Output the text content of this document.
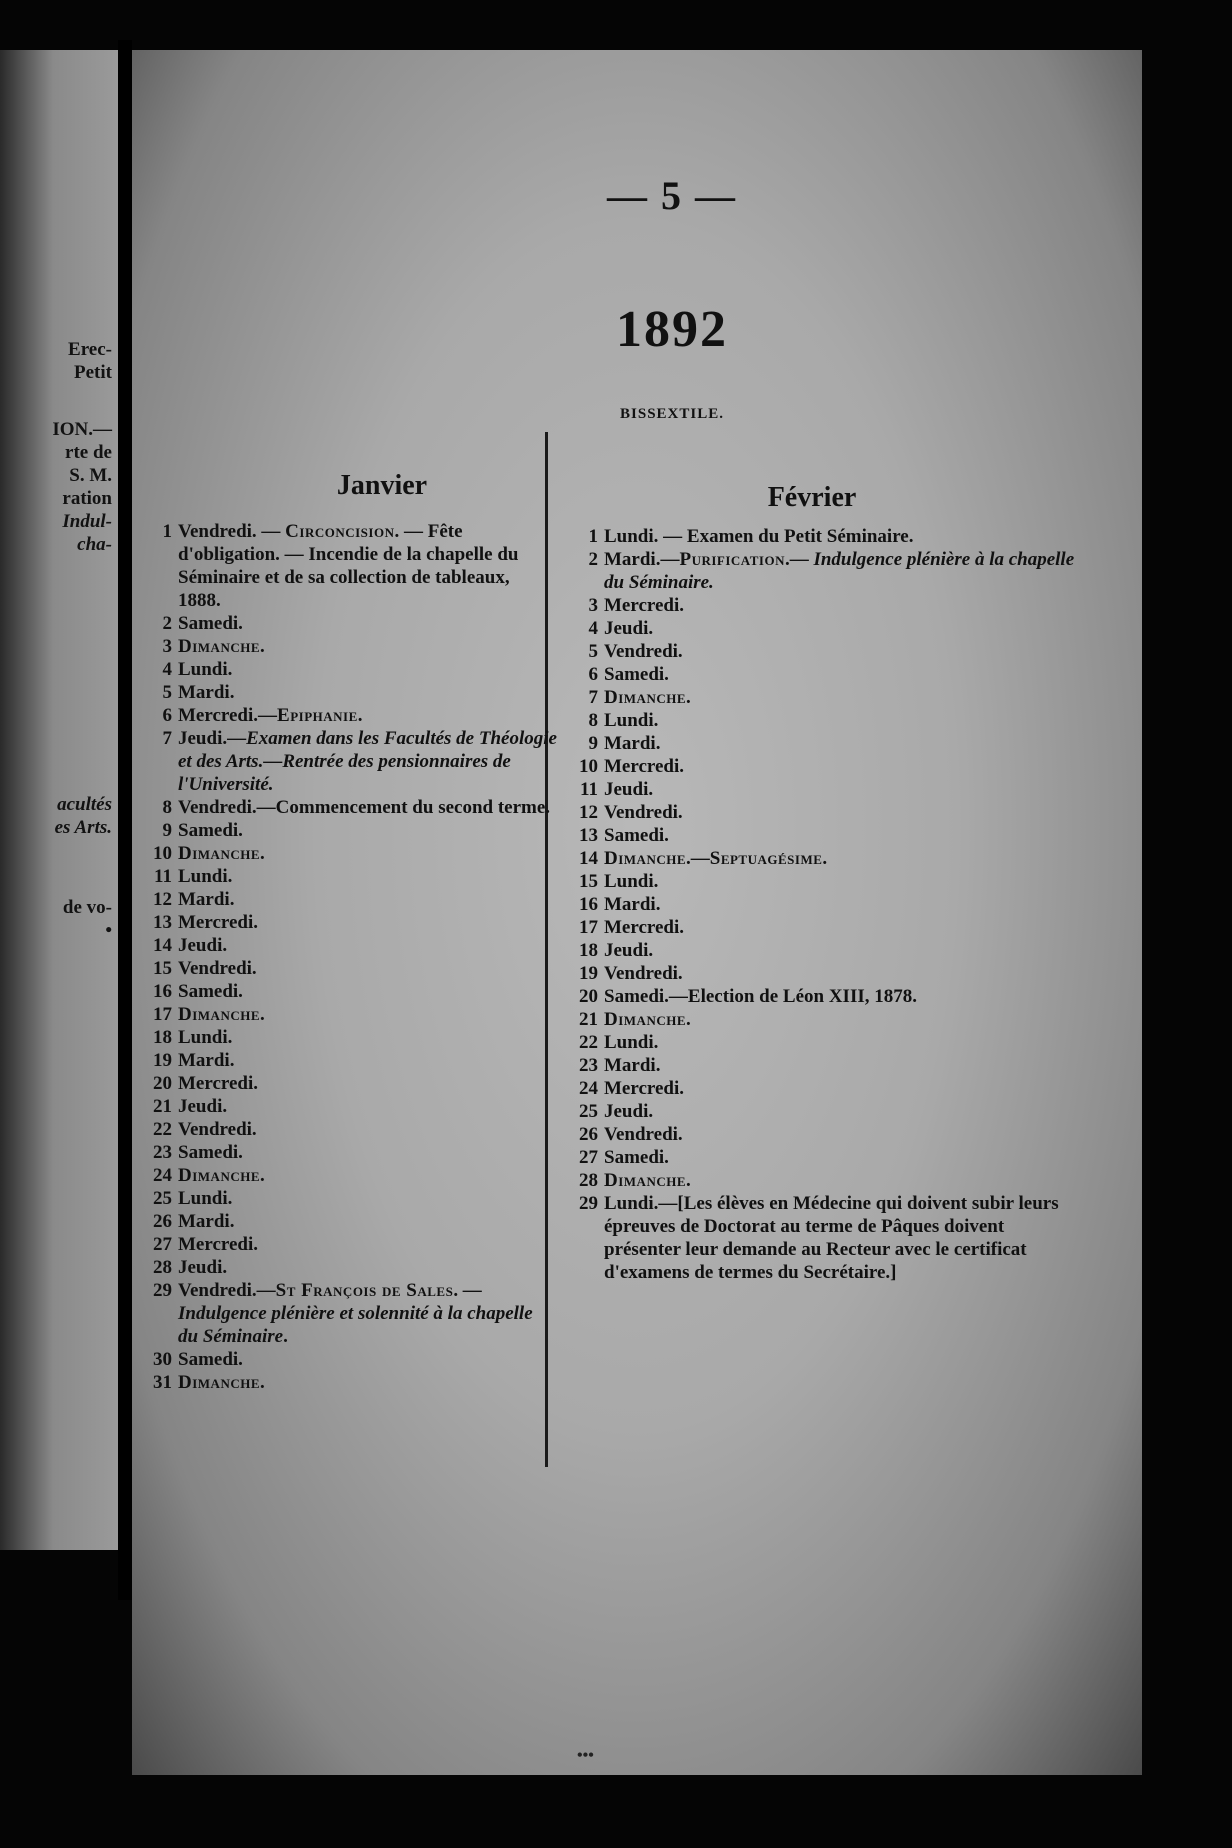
Erec-
Petit
ION.—
rte de
S. M.
ration
Indul-
cha-
acultés
es Arts.
de vo-
•
— 5 —
1892
BISSEXTILE.
Janvier	Février
1 Vendredi. — Circoncision. — Fête d'obligation. — Incendie de la chapelle du Séminaire et de sa collection de tableaux, 1888.
2 Samedi.
3 Dimanche.
4 Lundi.
5 Mardi.
6 Mercredi.—Epiphanie.
7 Jeudi.—Examen dans les Facultés de Théologie et des Arts.—Rentrée des pensionnaires de l'Université.
8 Vendredi.—Commencement du second terme.
9 Samedi.
10 Dimanche.
11 Lundi.
12 Mardi.
13 Mercredi.
14 Jeudi.
15 Vendredi.
16 Samedi.
17 Dimanche.
18 Lundi.
19 Mardi.
20 Mercredi.
21 Jeudi.
22 Vendredi.
23 Samedi.
24 Dimanche.
25 Lundi.
26 Mardi.
27 Mercredi.
28 Jeudi.
29 Vendredi.—St François de Sales. —Indulgence plénière et solennité à la chapelle du Séminaire.
30 Samedi.
31 Dimanche.
1 Lundi. — Examen du Petit Séminaire.
2 Mardi.—Purification.— Indulgence plénière à la chapelle du Séminaire.
3 Mercredi.
4 Jeudi.
5 Vendredi.
6 Samedi.
7 Dimanche.
8 Lundi.
9 Mardi.
10 Mercredi.
11 Jeudi.
12 Vendredi.
13 Samedi.
14 Dimanche.—Septuagésime.
15 Lundi.
16 Mardi.
17 Mercredi.
18 Jeudi.
19 Vendredi.
20 Samedi.—Election de Léon XIII, 1878.
21 Dimanche.
22 Lundi.
23 Mardi.
24 Mercredi.
25 Jeudi.
26 Vendredi.
27 Samedi.
28 Dimanche.
29 Lundi.—[Les élèves en Médecine qui doivent subir leurs épreuves de Doctorat au terme de Pâques doivent présenter leur demande au Recteur avec le certificat d'examens de termes du Secrétaire.]
•••
